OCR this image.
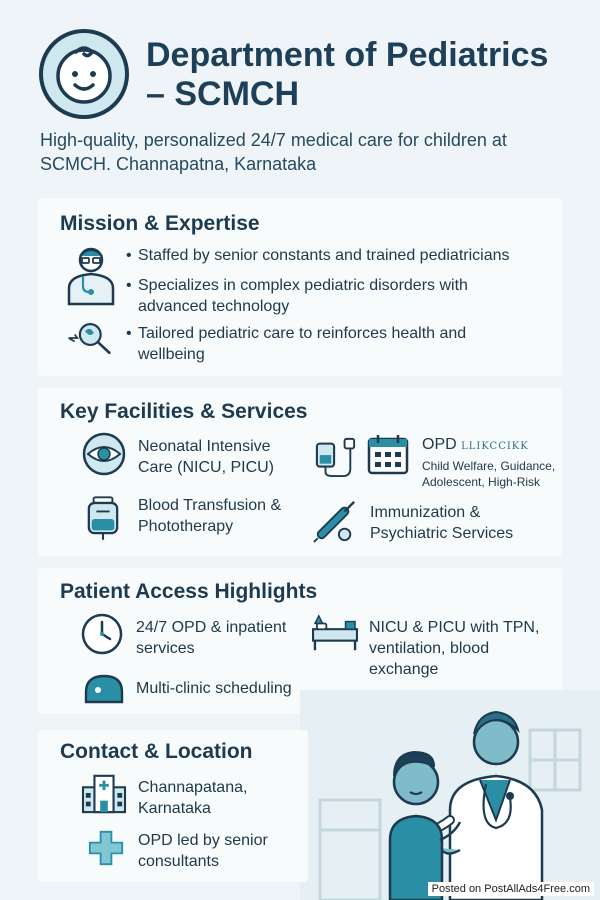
Department of Pediatrics – SCMCH
High-quality, personalized 24/7 medical care for children at SCMCH. Channapatna, Karnataka
Mission & Expertise
• Staffed by senior constants and trained pediatricians
• Specializes in complex pediatric disorders with advanced technology
• Tailored pediatric care to reinforces health and wellbeing
Key Facilities & Services
Neonatal Intensive Care (NICU, PICU)
OPD LLIKCCIKK
Child Welfare, Guidance, Adolescent, High-Risk
Blood Transfusion & Phototherapy
Immunization & Psychiatric Services
Patient Access Highlights
24/7 OPD & inpatient services
NICU & PICU with TPN, ventilation, blood exchange
Multi-clinic scheduling
Contact & Location
Channapatana, Karnataka
OPD led by senior consultants
Posted on PostAllAds4Free.com
